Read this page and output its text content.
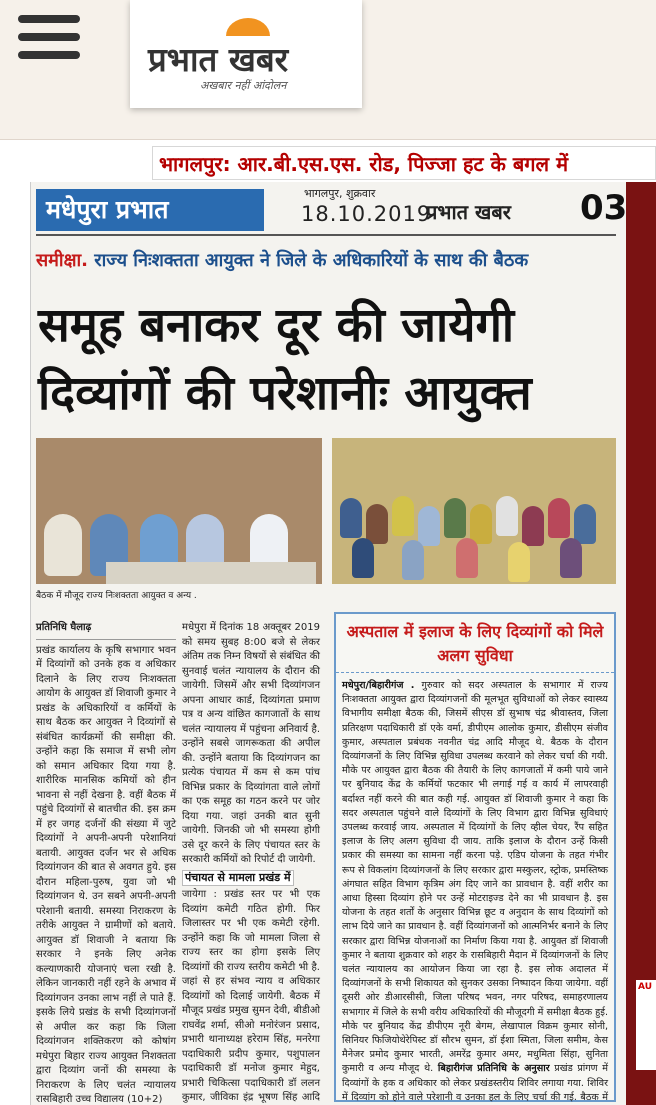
प्रभात खबर
अखबार नहीं आंदोलन
भागलपुर: आर.बी.एस.एस. रोड, पिज्जा हट के बगल में
मधेपुरा प्रभात
भागलपुर, शुक्रवार
18.10.2019
प्रभात खबर 03
समीक्षा. राज्य निःशक्तता आयुक्त ने जिले के अधिकारियों के साथ की बैठक
समूह बनाकर दूर की जायेगी दिव्यांगों की परेशानीः आयुक्त
बैठक में मौजूद राज्य निःशक्तता आयुक्त व अन्य .
प्रतिनिधि घैलाढ़
प्रखंड कार्यालय के कृषि सभागार भवन में दिव्यांगों को उनके हक व अधिकार दिलाने के लिए राज्य निःशक्तता आयोग के आयुक्त डॉ शिवाजी कुमार ने प्रखंड के अधिकारियों व कर्मियों के साथ बैठक कर आयुक्त ने दिव्यांगों से संबंधित कार्यक्रमों की समीक्षा की. उन्होंने कहा कि समाज में सभी लोग को समान अधिकार दिया गया है. शारीरिक मानसिक कमियों को हीन भावना से नहीं देखना है. वहीं बैठक में पहुंचे दिव्यांगों से बातचीत की. इस क्रम में हर जगह दर्जनों की संख्या में जुटे दिव्यांगों ने अपनी-अपनी परेशानियां बतायी. आयुक्त दर्जन भर से अधिक दिव्यांगजन की बात से अवगत हुये. इस दौरान महिला-पुरुष, युवा जो भी दिव्यांगजन थे. उन सबने अपनी-अपनी परेशानी बतायी. समस्या निराकरण के तरीके आयुक्त ने ग्रामीणों को बताये. आयुक्त डॉ शिवाजी ने बताया कि सरकार ने इनके लिए अनेक कल्याणकारी योजनाएं चला रखी है. लेकिन जानकारी नहीं रहने के अभाव में दिव्यांगजन उनका लाभ नहीं ले पाते हैं. इसके लिये प्रखंड के सभी दिव्यांगजनों से अपील कर कहा कि जिला दिव्यांगजन शक्तिकरण को कोषांग मधेपुरा बिहार राज्य आयुक्त निशक्तता द्वारा दिव्यांग जनों की समस्या के निराकरण के लिए चलंत न्यायालय रासबिहारी उच्च विद्यालय (10+2)
मधेपुरा में दिनांक 18 अक्तूबर 2019 को समय सुबह 8:00 बजे से लेकर अंतिम तक निम्न विषयों से संबंधित की सुनवाई चलंत न्यायालय के दौरान की जायेगी. जिसमें और सभी दिव्यांगजन अपना आधार कार्ड, दिव्यांगता प्रमाण पत्र व अन्य वांछित कागजातों के साथ चलंत न्यायालय में पहुंचना अनिवार्य है. उन्होंने सबसे जागरूकता की अपील की. उन्होंने बताया कि दिव्यांगजन का प्रत्येक पंचायत में कम से कम पांच विभिन्न प्रकार के दिव्यांगता वाले लोगों का एक समूह का गठन करने पर जोर दिया गया. जहां उनकी बात सुनी जायेगी. जिनकी जो भी समस्या होगी उसे दूर करने के लिए पंचायत स्तर के सरकारी कर्मियों को रिपोर्ट दी जायेगी.
पंचायत से मामला प्रखंड में
जायेगा : प्रखंड स्तर पर भी एक दिव्यांग कमेटी गठित होगी. फिर जिलास्तर पर भी एक कमेटी रहेगी. उन्होंने कहा कि जो मामला जिला से राज्य स्तर का होगा इसके लिए दिव्यांगों की राज्य स्तरीय कमेटी भी है. जहां से हर संभव न्याय व अधिकार दिव्यांगों को दिलाई जायेगी. बैठक में मौजूद प्रखंड प्रमुख सुमन देवी, बीडीओ राघवेंद्र शर्मा, सीओ मनोरंजन प्रसाद, प्रभारी थानाध्यक्ष हरेराम सिंह, मनरेगा पदाधिकारी प्रदीप कुमार, पशुपालन पदाधिकारी डॉ मनोज कुमार मेहुद, प्रभारी चिकित्सा पदाधिकारी डॉ ललन कुमार, जीविका इंद्र भूषण सिंह आदि
अस्पताल में इलाज के लिए दिव्यांगों को मिले अलग सुविधा
मधेपुरा/बिहारीगंज . गुरुवार को सदर अस्पताल के सभागार में राज्य निःशक्तता आयुक्त द्वारा दिव्यांगजनों की मूलभूत सुविधाओं को लेकर स्वास्थ्य विभागीय समीक्षा बैठक की, जिसमें सीएस डॉ सुभाष चंद्र श्रीवास्तव, जिला प्रतिरक्षण पदाधिकारी डॉ एके वर्मा, डीपीएम आलोक कुमार, डीसीएम संजीव कुमार, अस्पताल प्रबंधक नवनीत चंद्र आदि मौजूद थे. बैठक के दौरान दिव्यांगजनों के लिए विभिन्न सुविधा उपलब्ध करवाने को लेकर चर्चा की गयी. मौके पर आयुक्त द्वारा बैठक की तैयारी के लिए कागजातों में कमी पाये जाने पर बुनियाद केंद्र के कर्मियों फटकार भी लगाई गई व कार्य में लापरवाही बर्दाश्त नहीं करने की बात कही गई. आयुक्त डॉ शिवाजी कुमार ने कहा कि सदर अस्पताल पहुंचने वाले दिव्यांगों के लिए विभाग द्वारा विभिन्न सुविधाएं उपलब्ध करवाई जाय. अस्पताल में दिव्यांगों के लिए व्हील चेयर, रैंप सहित इलाज के लिए अलग सुविधा दी जाय. ताकि इलाज के दौरान उन्हें किसी प्रकार की समस्या का सामना नहीं करना पड़े. एडिप योजना के तहत गंभीर रूप से विकलांग दिव्यांगजनों के लिए सरकार द्वारा मस्कुलर, स्ट्रोक, प्रमस्तिष्क अंगघात सहित विभाग कृत्रिम अंग दिए जाने का प्रावधान है. वहीं शरीर का आधा हिस्सा दिव्यांग होने पर उन्हें मोटराइज्ड देने का भी प्रावधान है. इस योजना के तहत शर्तों के अनुसार विभिन्न छूट व अनुदान के साथ दिव्यांगों को लाभ दिये जाने का प्रावधान है. वहीं दिव्यांगजनों को आत्मनिर्भर बनाने के लिए सरकार द्वारा विभिन्न योजनाओं का निर्माण किया गया है. आयुक्त डॉ शिवाजी कुमार ने बताया शुक्रवार को शहर के रासबिहारी मैदान में दिव्यांगजनों के लिए चलंत न्यायालय का आयोजन किया जा रहा है. इस लोक अदालत में दिव्यांगजनों के सभी शिकायत को सुनकर उसका निष्पादन किया जायेगा. वहीं दूसरी ओर डीआरसीसी, जिला परिषद भवन, नगर परिषद, समाहरणालय सभागार में जिले के सभी वरीय अधिकारियों की मौजूदगी में समीक्षा बैठक हुई. मौके पर बुनियाद केंद्र डीपीएम नूरी बेगम, लेखापाल विक्रम कुमार सोनी, सिनियर फिजियोथेरेपिस्ट डॉ सौरभ सुमन, डॉ ईशा स्मिता, जिला समीम, केस मैनेजर प्रमोद कुमार भारती, अमरेंद्र कुमार अमर, मधुमिता सिंहा, सुनिता कुमारी व अन्य मौजूद थे. बिहारीगंज प्रतिनिधि के अनुसार प्रखंड प्रांगण में दिव्यांगों के हक व अधिकार को लेकर प्रखंडस्तरीय शिविर लगाया गया. शिविर में दिव्यांग को होने वाले परेशानी व उनका हल के लिए चर्चा की गई. बैठक में
AU
